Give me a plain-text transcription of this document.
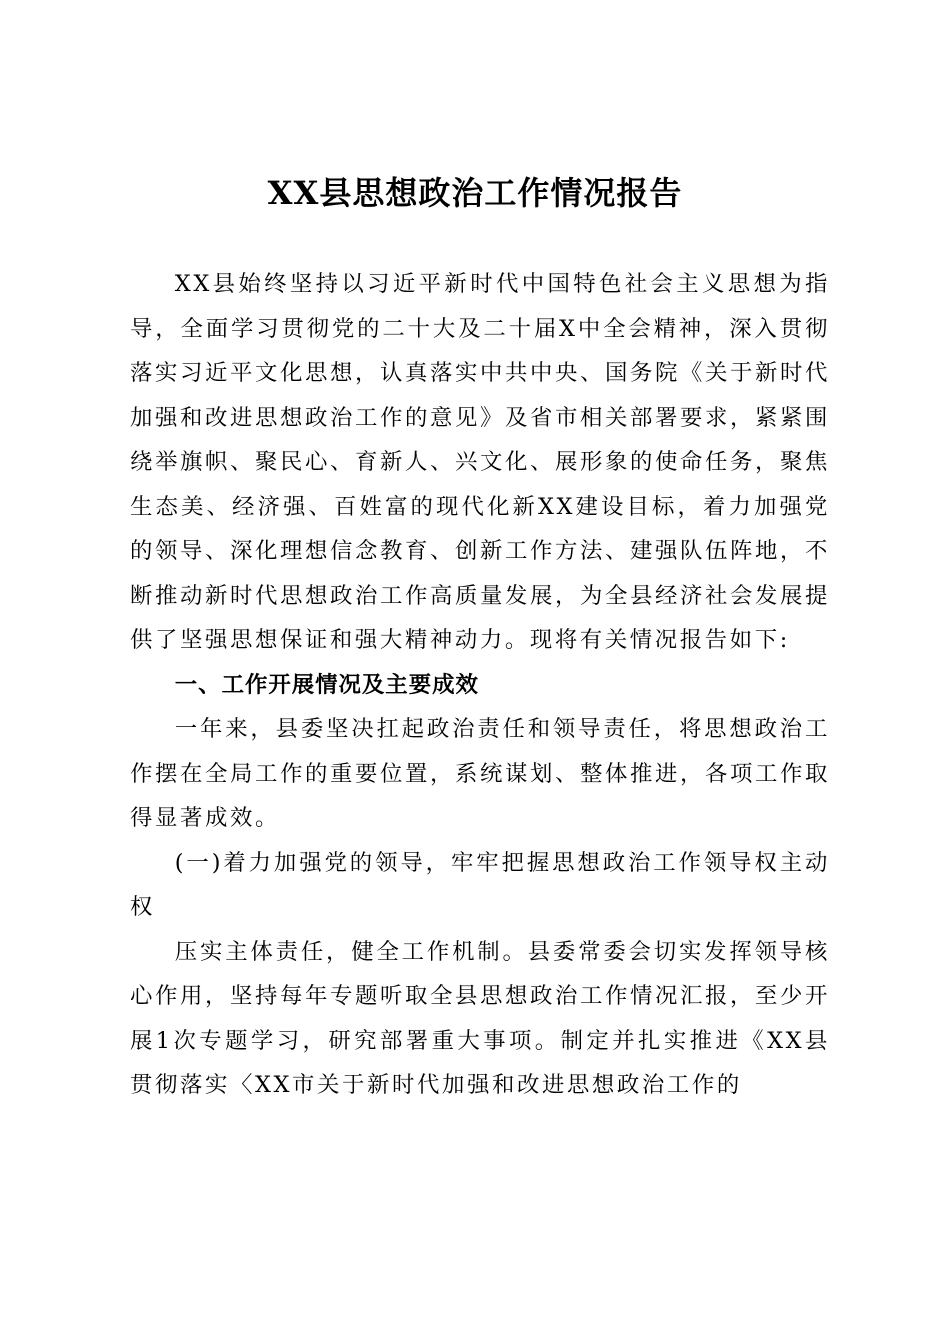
XX县思想政治工作情况报告

XX县始终坚持以习近平新时代中国特色社会主义思想为指导，全面学习贯彻党的二十大及二十届X中全会精神，深入贯彻落实习近平文化思想，认真落实中共中央、国务院《关于新时代加强和改进思想政治工作的意见》及省市相关部署要求，紧紧围绕举旗帜、聚民心、育新人、兴文化、展形象的使命任务，聚焦生态美、经济强、百姓富的现代化新XX建设目标，着力加强党的领导、深化理想信念教育、创新工作方法、建强队伍阵地，不断推动新时代思想政治工作高质量发展，为全县经济社会发展提供了坚强思想保证和强大精神动力。现将有关情况报告如下:

一、工作开展情况及主要成效

一年来，县委坚决扛起政治责任和领导责任，将思想政治工作摆在全局工作的重要位置，系统谋划、整体推进，各项工作取得显著成效。

(一)着力加强党的领导，牢牢把握思想政治工作领导权主动权

压实主体责任，健全工作机制。县委常委会切实发挥领导核心作用，坚持每年专题听取全县思想政治工作情况汇报，至少开展1次专题学习，研究部署重大事项。制定并扎实推进《XX县贯彻落实〈XX市关于新时代加强和改进思想政治工作的
